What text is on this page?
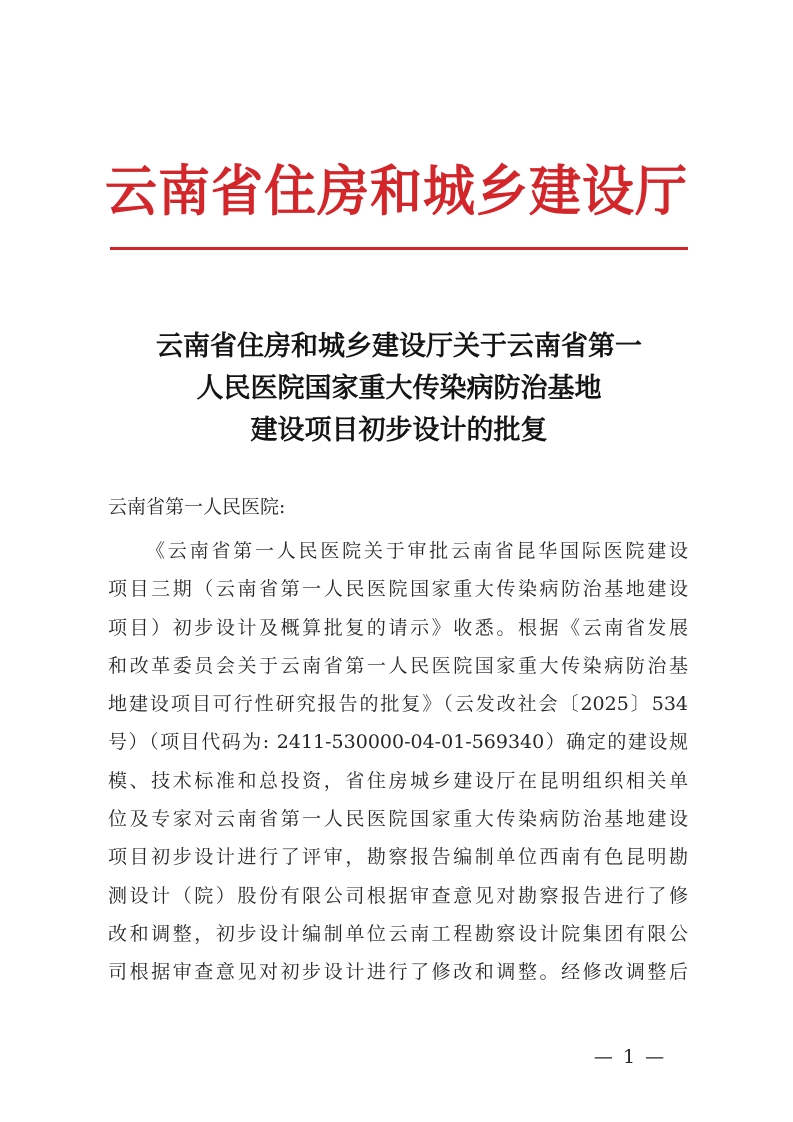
云南省住房和城乡建设厅
云南省住房和城乡建设厅关于云南省第一
人民医院国家重大传染病防治基地
建设项目初步设计的批复
云南省第一人民医院:
《云南省第一人民医院关于审批云南省昆华国际医院建设
项目三期（云南省第一人民医院国家重大传染病防治基地建设
项目）初步设计及概算批复的请示》收悉。根据《云南省发展
和改革委员会关于云南省第一人民医院国家重大传染病防治基
地建设项目可行性研究报告的批复》（云发改社会〔2025〕534
号）（项目代码为: 2411-530000-04-01-569340）确定的建设规
模、技术标准和总投资，省住房城乡建设厅在昆明组织相关单
位及专家对云南省第一人民医院国家重大传染病防治基地建设
项目初步设计进行了评审，勘察报告编制单位西南有色昆明勘
测设计（院）股份有限公司根据审查意见对勘察报告进行了修
改和调整，初步设计编制单位云南工程勘察设计院集团有限公
司根据审查意见对初步设计进行了修改和调整。经修改调整后
— 1 —
